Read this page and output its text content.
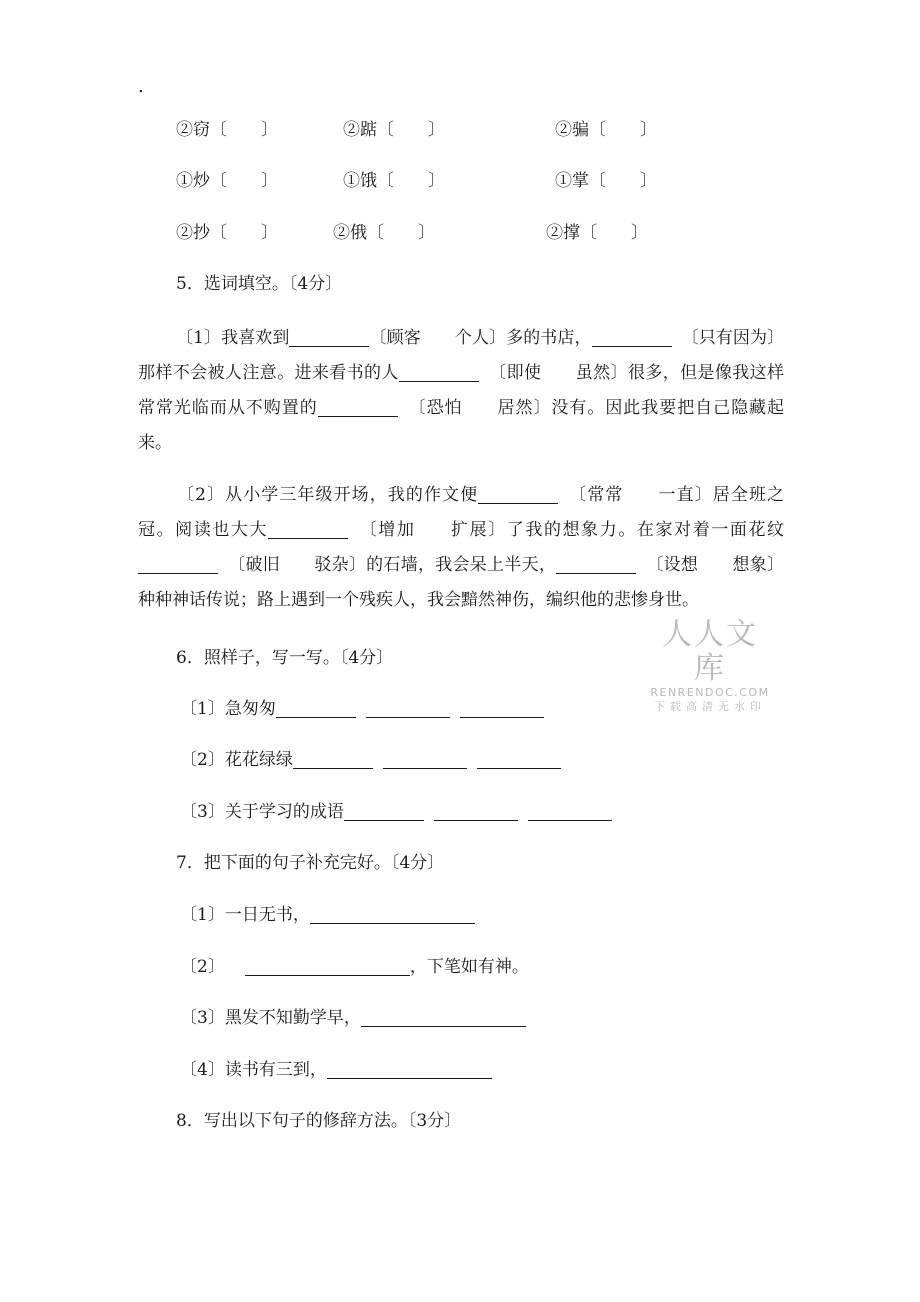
.
②窃〔　　〕	②踮〔　　〕	②骗〔　　〕
①炒〔　　〕	①饿〔　　〕	①掌〔　　〕
②抄〔　　〕	②俄〔　　〕	②撑〔　　〕
5．选词填空。〔4分〕
〔1〕我喜欢到	〔顾客 个人〕多的书店，	〔只有因为〕那样不会被人注意。进来看书的人	〔即使 虽然〕很多，但是像我这样常常光临而从不购置的	〔恐怕 居然〕没有。因此我要把自己隐藏起来。
〔2〕从小学三年级开场，我的作文便	〔常常 一直〕居全班之冠。阅读也大大	〔增加 扩展〕了我的想象力。在家对着一面花纹〔破旧 驳杂〕的石墙，我会呆上半天，	〔设想 想象〕种种神话传说；路上遇到一个残疾人，我会黯然神伤，编织他的悲惨身世。
人人文库
RENRENDOC.COM
下载高清无水印
6．照样子，写一写。〔4分〕
〔1〕急匆匆
〔2〕花花绿绿
〔3〕关于学习的成语
7．把下面的句子补充完好。〔4分〕
〔1〕一日无书，
〔2〕	，下笔如有神。
〔3〕黑发不知勤学早，
〔4〕读书有三到，
8．写出以下句子的修辞方法。〔3分〕
